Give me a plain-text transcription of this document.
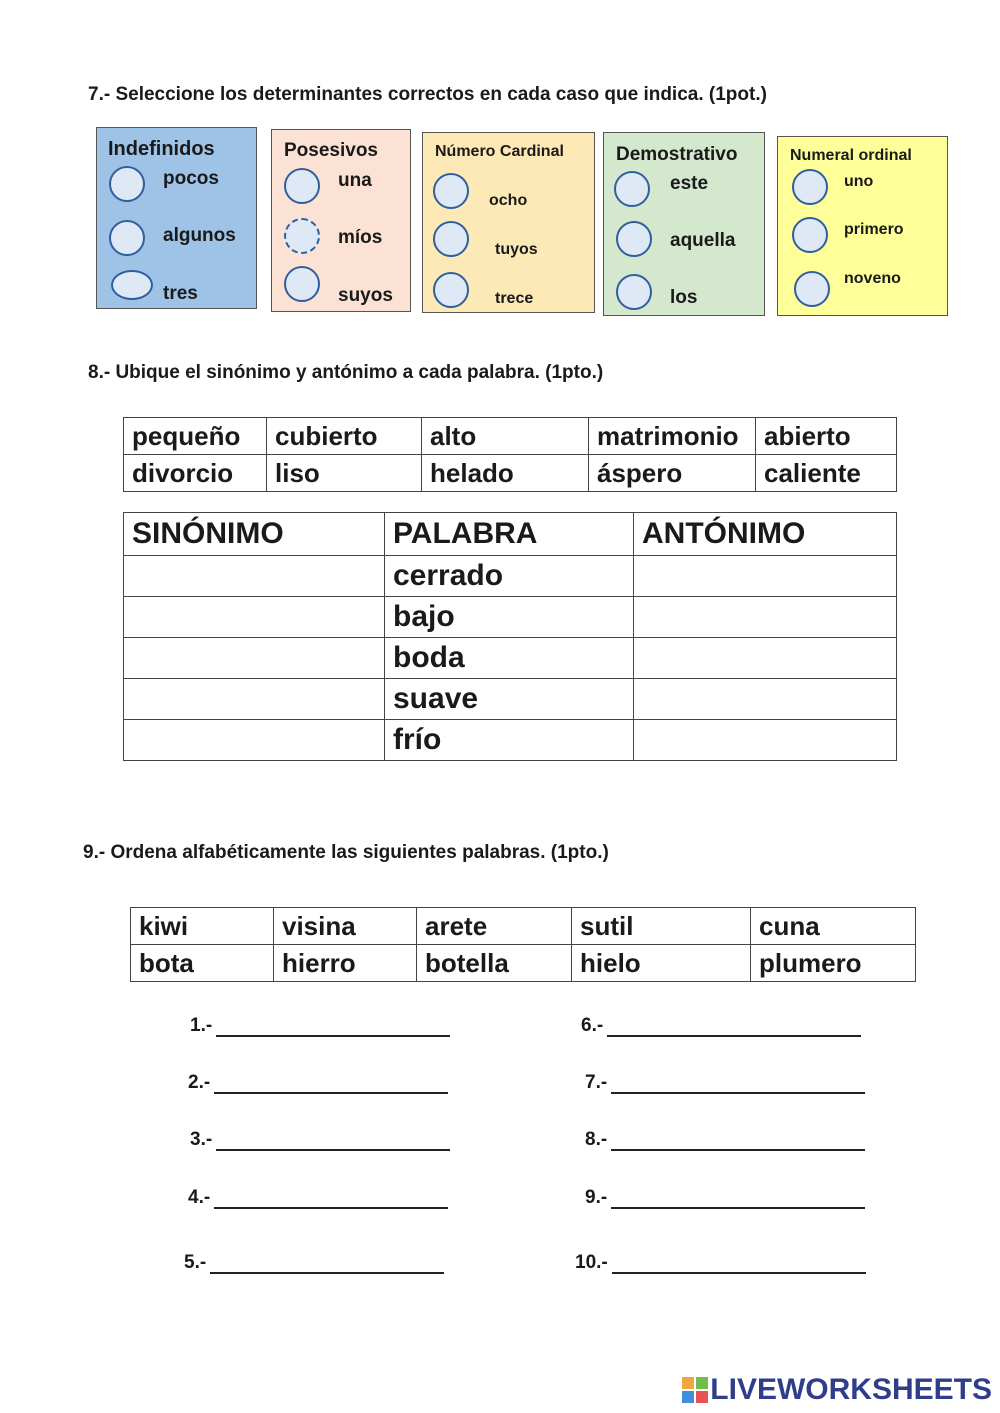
7.- Seleccione los determinantes correctos en cada caso que indica. (1pot.)
Indefinidos
pocos
algunos
tres
Posesivos
una
míos
suyos
Número Cardinal
ocho
tuyos
trece
Demostrativo
este
aquella
los
Numeral ordinal
uno
primero
noveno
8.- Ubique el sinónimo y antónimo a cada palabra. (1pto.)
pequeño	cubierto	alto	matrimonio	abierto
divorcio	liso	helado	áspero	caliente
SINÓNIMO	PALABRA	ANTÓNIMO
	cerrado	
	bajo	
	boda	
	suave	
	frío	
9.- Ordena alfabéticamente las siguientes palabras. (1pto.)
kiwi	visina	arete	sutil	cuna
bota	hierro	botella	hielo	plumero
1.-
2.-
3.-
4.-
5.-
6.-
7.-
8.-
9.-
10.-
LIVEWORKSHEETS
